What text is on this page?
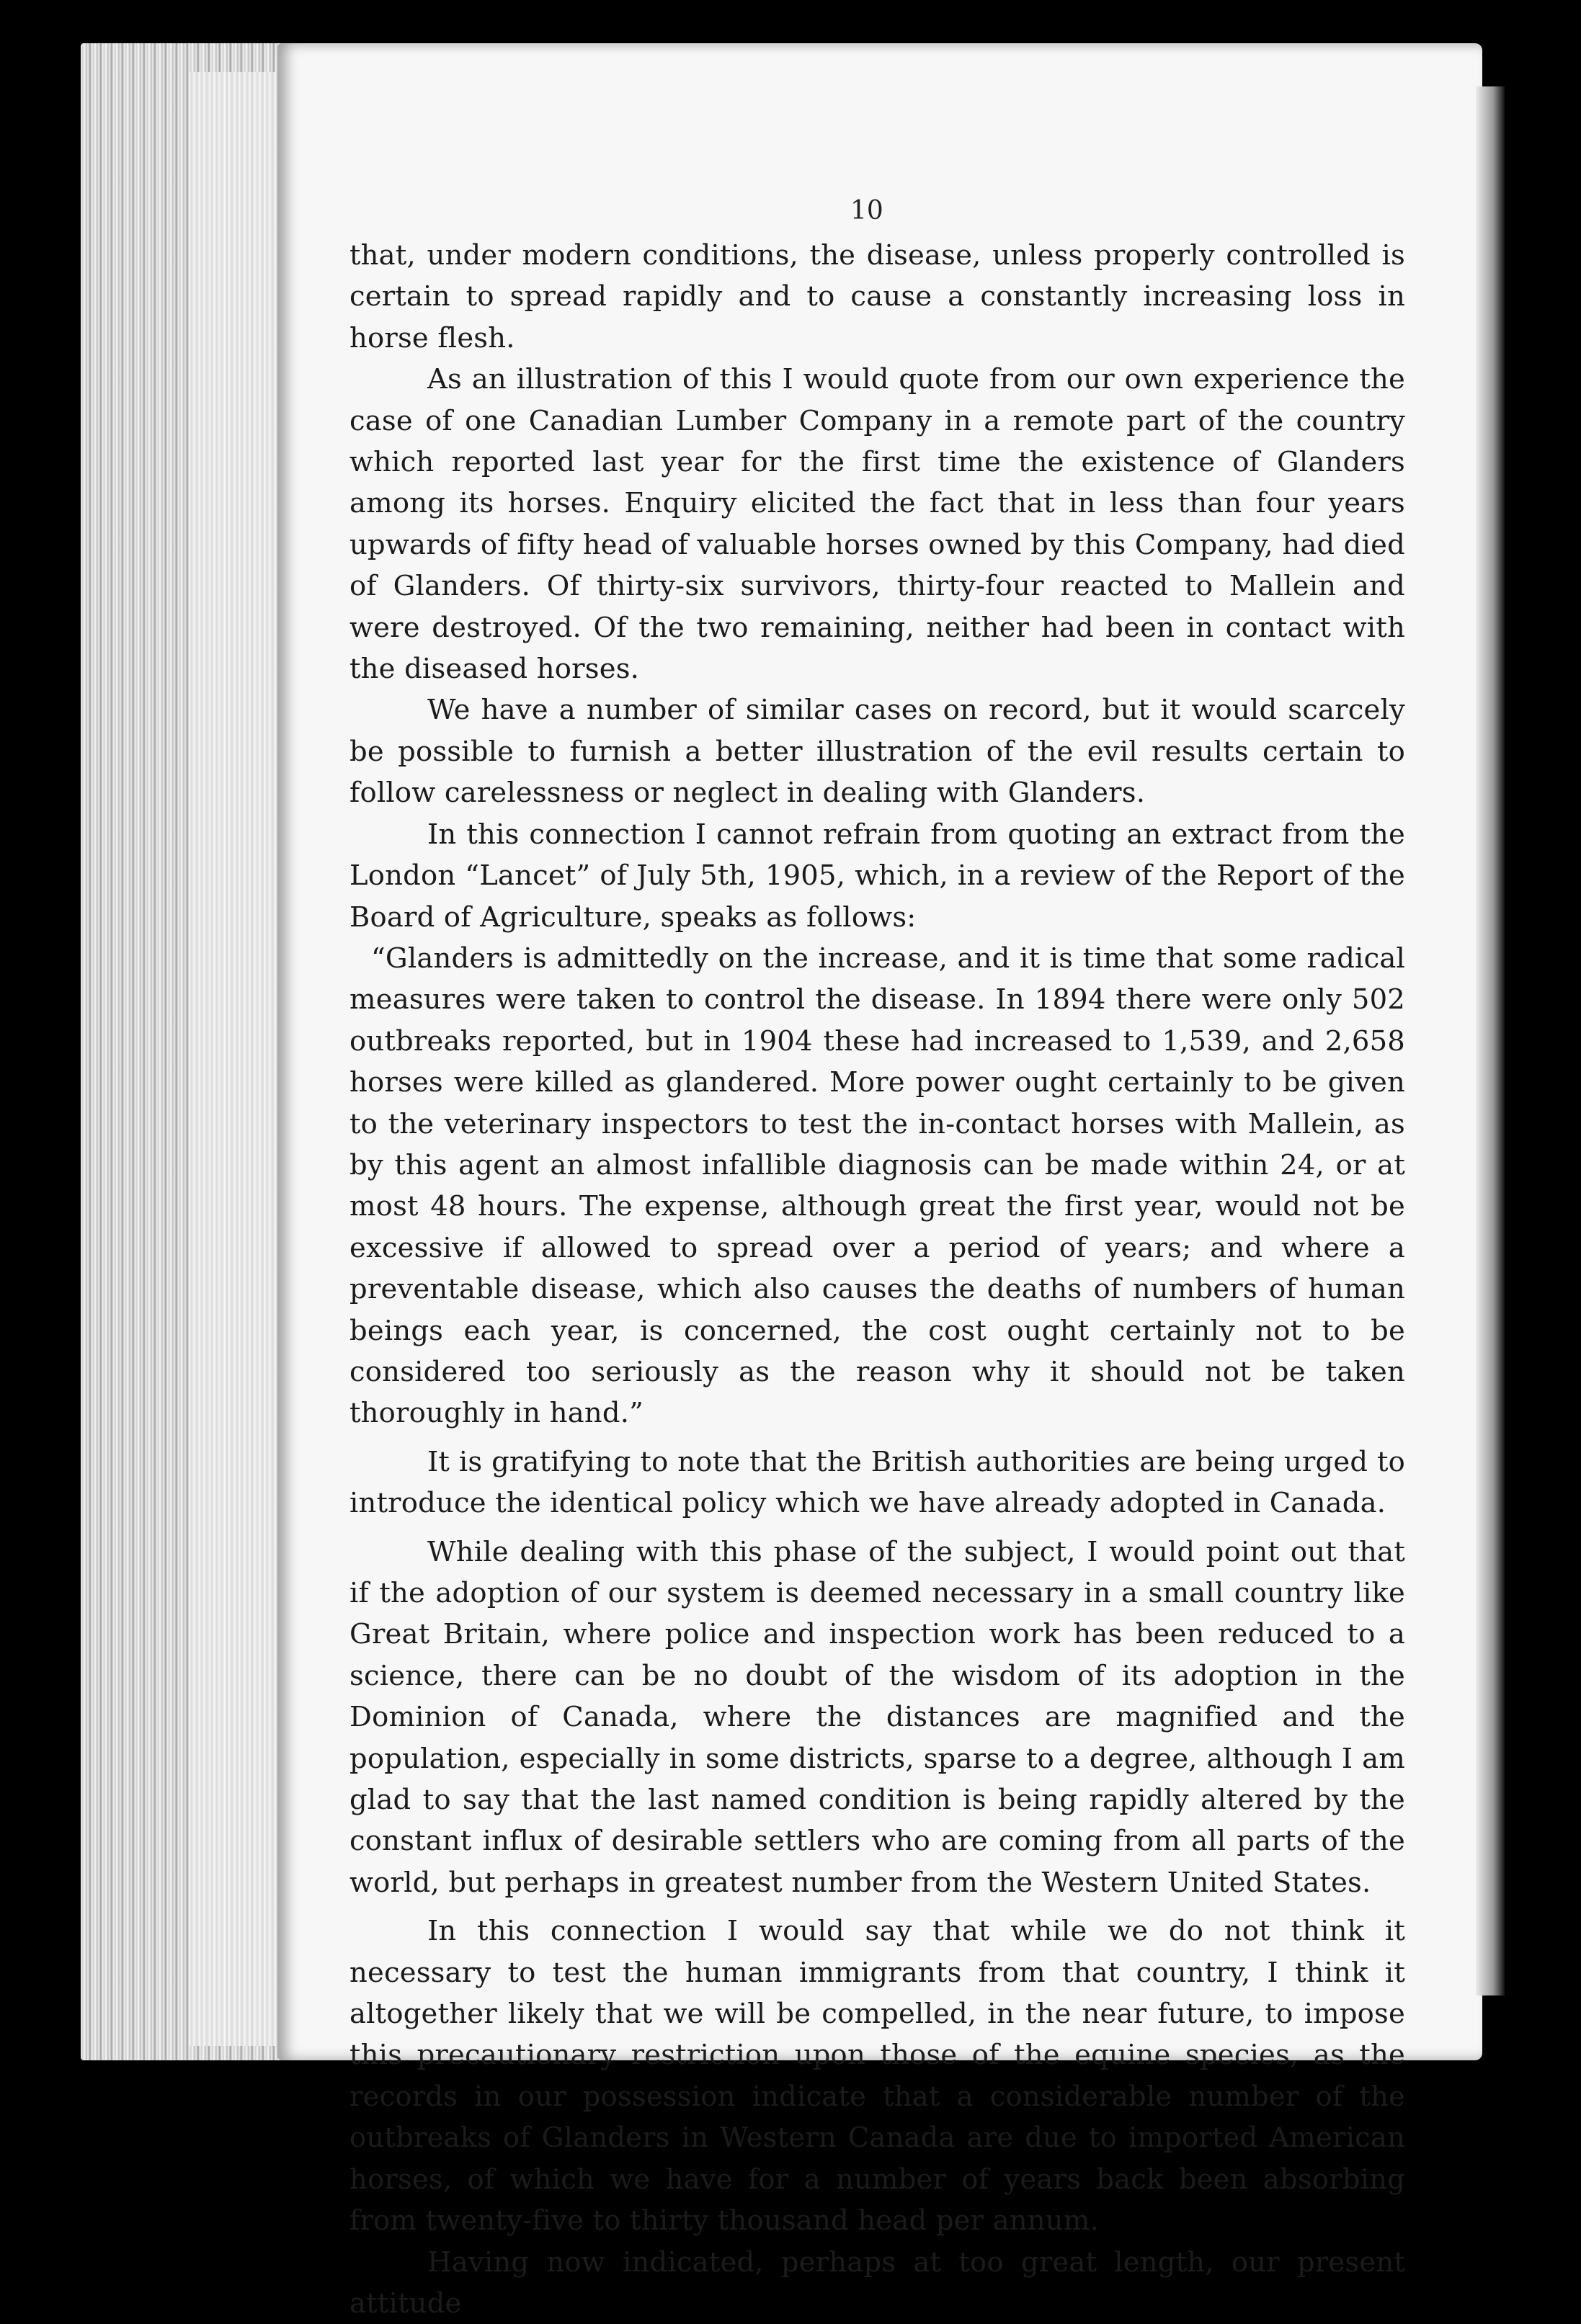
10

that, under modern conditions, the disease, unless properly controlled is certain to spread rapidly and to cause a constantly increasing loss in horse flesh.

As an illustration of this I would quote from our own experience the case of one Canadian Lumber Company in a remote part of the country which reported last year for the first time the existence of Glanders among its horses. Enquiry elicited the fact that in less than four years upwards of fifty head of valuable horses owned by this Company, had died of Glanders. Of thirty-six survivors, thirty-four reacted to Mallein and were destroyed. Of the two remaining, neither had been in contact with the diseased horses.

We have a number of similar cases on record, but it would scarcely be possible to furnish a better illustration of the evil results certain to follow carelessness or neglect in dealing with Glanders.

In this connection I cannot refrain from quoting an extract from the London “Lancet” of July 5th, 1905, which, in a review of the Report of the Board of Agriculture, speaks as follows:

“Glanders is admittedly on the increase, and it is time that some radical measures were taken to control the disease. In 1894 there were only 502 outbreaks reported, but in 1904 these had increased to 1,539, and 2,658 horses were killed as glandered. More power ought certainly to be given to the veterinary inspectors to test the in-contact horses with Mallein, as by this agent an almost infallible diagnosis can be made within 24, or at most 48 hours. The expense, although great the first year, would not be excessive if allowed to spread over a period of years; and where a preventable disease, which also causes the deaths of numbers of human beings each year, is concerned, the cost ought certainly not to be considered too seriously as the reason why it should not be taken thoroughly in hand.”

It is gratifying to note that the British authorities are being urged to introduce the identical policy which we have already adopted in Canada.

While dealing with this phase of the subject, I would point out that if the adoption of our system is deemed necessary in a small country like Great Britain, where police and inspection work has been reduced to a science, there can be no doubt of the wisdom of its adoption in the Dominion of Canada, where the distances are magnified and the population, especially in some districts, sparse to a degree, although I am glad to say that the last named condition is being rapidly altered by the constant influx of desirable settlers who are coming from all parts of the world, but perhaps in greatest number from the Western United States.

In this connection I would say that while we do not think it necessary to test the human immigrants from that country, I think it altogether likely that we will be compelled, in the near future, to impose this precautionary restriction upon those of the equine species, as the records in our possession indicate that a considerable number of the outbreaks of Glanders in Western Canada are due to imported American horses, of which we have for a number of years back been absorbing from twenty-five to thirty thousand head per annum.

Having now indicated, perhaps at too great length, our present attitude
